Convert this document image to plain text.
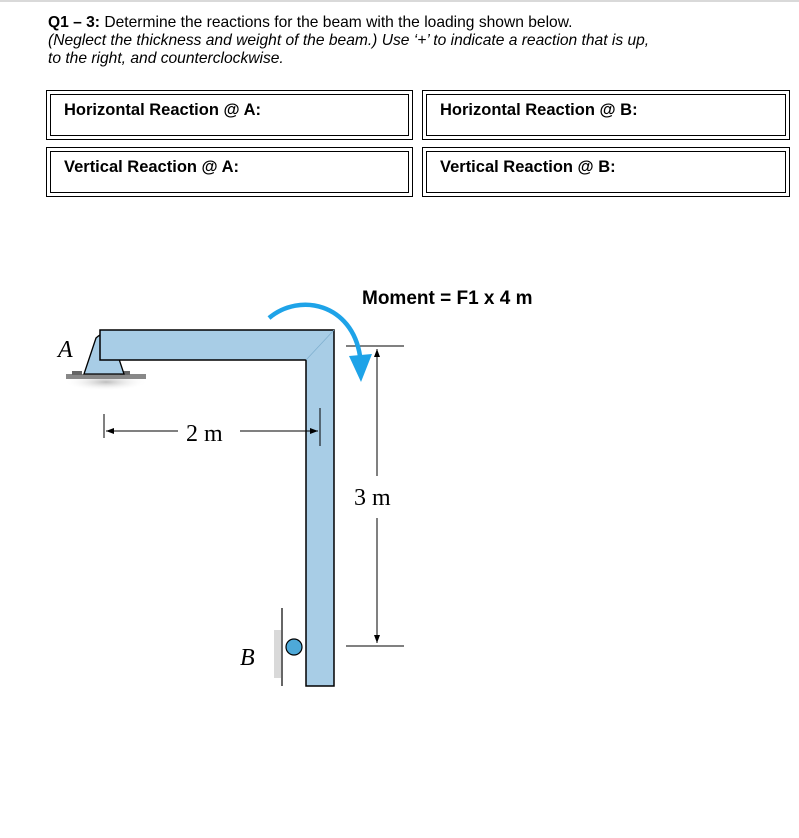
Q1 – 3: Determine the reactions for the beam with the loading shown below.
(Neglect the thickness and weight of the beam.) Use ‘+’ to indicate a reaction that is up,
to the right, and counterclockwise.
Horizontal Reaction @ A:	Horizontal Reaction @ B:
Vertical Reaction @ A:	Vertical Reaction @ B:
Moment = F1 x 4 m
A
B
2 m
3 m
